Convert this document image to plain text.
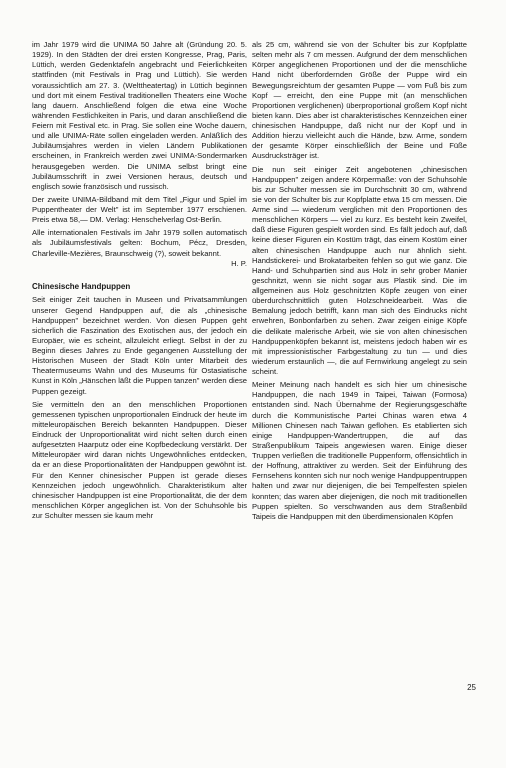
im Jahr 1979 wird die UNIMA 50 Jahre alt (Gründung 20. 5. 1929). In den Städten der drei ersten Kongresse, Prag, Paris, Lüttich, werden Gedenktafeln angebracht und Feierlichkeiten stattfinden (mit Festivals in Prag und Lüttich). Sie werden voraussichtlich am 27. 3. (Welttheatertag) in Lüttich beginnen und dort mit einem Festival traditionellen Theaters eine Woche lang dauern. Anschließend folgen die etwa eine Woche währenden Festlichkeiten in Paris, und daran anschließend die Feiern mit Festival etc. in Prag. Sie sollen eine Woche dauern, und alle UNIMA-Räte sollen eingeladen werden. Anläßlich des Jubiläumsjahres werden in vielen Ländern Publikationen erscheinen, in Frankreich werden zwei UNIMA-Sondermarken herausgegeben werden. Die UNIMA selbst bringt eine Jubiläumsschrift in zwei Versionen heraus, deutsch und englisch sowie französisch und russisch.

Der zweite UNIMA-Bildband mit dem Titel „Figur und Spiel im Puppentheater der Welt" ist im September 1977 erschienen. Preis etwa 58,— DM. Verlag: Henschelverlag Ost-Berlin.

Alle internationalen Festivals im Jahr 1979 sollen automatisch als Jubiläumsfestivals gelten: Bochum, Pécz, Dresden, Charleville-Mezières, Braunschweig (?), soweit bekannt.

H. P.

Chinesische Handpuppen

Seit einiger Zeit tauchen in Museen und Privatsammlungen unserer Gegend Handpuppen auf, die als „chinesische Handpuppen" bezeichnet werden. Von diesen Puppen geht sicherlich die Faszination des Exotischen aus, der jedoch ein Europäer, wie es scheint, allzuleicht erliegt. Selbst in der zu Beginn dieses Jahres zu Ende gegangenen Ausstellung der Historischen Museen der Stadt Köln unter Mitarbeit des Theatermuseums Wahn und des Museums für Ostasiatische Kunst in Köln „Hänschen läßt die Puppen tanzen" werden diese Puppen gezeigt.

Sie vermitteln den an den menschlichen Proportionen gemessenen typischen unproportionalen Eindruck der heute im mitteleuropäischen Bereich bekannten Handpuppen. Dieser Eindruck der Unproportionalität wird nicht selten durch einen aufgesetzten Haarputz oder eine Kopfbedeckung verstärkt. Der Mitteleuropäer wird daran nichts Ungewöhnliches entdecken, da er an diese Proportionalitäten der Handpuppen gewöhnt ist. Für den Kenner chinesischer Puppen ist gerade dieses Kennzeichen jedoch ungewöhnlich. Charakteristikum alter chinesischer Handpuppen ist eine Proportionalität, die der dem menschlichen Körper angeglichen ist. Von der Schuhsohle bis zur Schulter messen sie kaum mehr

als 25 cm, während sie von der Schulter bis zur Kopfplatte selten mehr als 7 cm messen. Aufgrund der dem menschlichen Körper angeglichenen Proportionen und der die menschliche Hand nicht überfordernden Größe der Puppe wird ein Bewegungsreichtum der gesamten Puppe — vom Fuß bis zum Kopf — erreicht, den eine Puppe mit (an menschlichen Proportionen verglichenen) überproportional großem Kopf nicht bieten kann. Dies aber ist charakteristisches Kennzeichen einer chinesischen Handpuppe, daß nicht nur der Kopf und in Addition hierzu vielleicht auch die Hände, bzw. Arme, sondern der gesamte Körper einschließlich der Beine und Füße Ausdrucksträger ist.

Die nun seit einiger Zeit angebotenen „chinesischen Handpuppen" zeigen andere Körpermaße: von der Schuhsohle bis zur Schulter messen sie im Durchschnitt 30 cm, während sie von der Schulter bis zur Kopfplatte etwa 15 cm messen. Die Arme sind — wiederum verglichen mit den Proportionen des menschlichen Körpers — viel zu kurz. Es besteht kein Zweifel, daß diese Figuren gespielt worden sind. Es fällt jedoch auf, daß keine dieser Figuren ein Kostüm trägt, das einem Kostüm einer alten chinesischen Handpuppe auch nur ähnlich sieht. Handstickerei- und Brokatarbeiten fehlen so gut wie ganz. Die Hand- und Schuhpartien sind aus Holz in sehr grober Manier geschnitzt, wenn sie nicht sogar aus Plastik sind. Die im allgemeinen aus Holz geschnitzten Köpfe zeugen von einer überdurchschnittlich guten Holzschneidearbeit. Was die Bemalung jedoch betrifft, kann man sich des Eindrucks nicht erwehren, Bonbonfarben zu sehen. Zwar zeigen einige Köpfe die delikate malerische Arbeit, wie sie von alten chinesischen Handpuppenköpfen bekannt ist, meistens jedoch haben wir es mit impressionistischer Farbgestaltung zu tun — und dies wiederum erstaunlich —, die auf Fernwirkung angelegt zu sein scheint.

Meiner Meinung nach handelt es sich hier um chinesische Handpuppen, die nach 1949 in Taipei, Taiwan (Formosa) entstanden sind. Nach Übernahme der Regierungsgeschäfte durch die Kommunistische Partei Chinas waren etwa 4 Millionen Chinesen nach Taiwan geflohen. Es etablierten sich einige Handpuppen-Wandertruppen, die auf das Straßenpublikum Taipeis angewiesen waren. Einige dieser Truppen verließen die traditionelle Puppenform, offensichtlich in der Hoffnung, attraktiver zu werden. Seit der Einführung des Fernsehens konnten sich nur noch wenige Handpuppentruppen halten und zwar nur diejenigen, die bei Tempelfesten spielen konnten; das waren aber diejenigen, die noch mit traditionellen Puppen spielten. So verschwanden aus dem Straßenbild Taipeis die Handpuppen mit den überdimensionalen Köpfen

25
